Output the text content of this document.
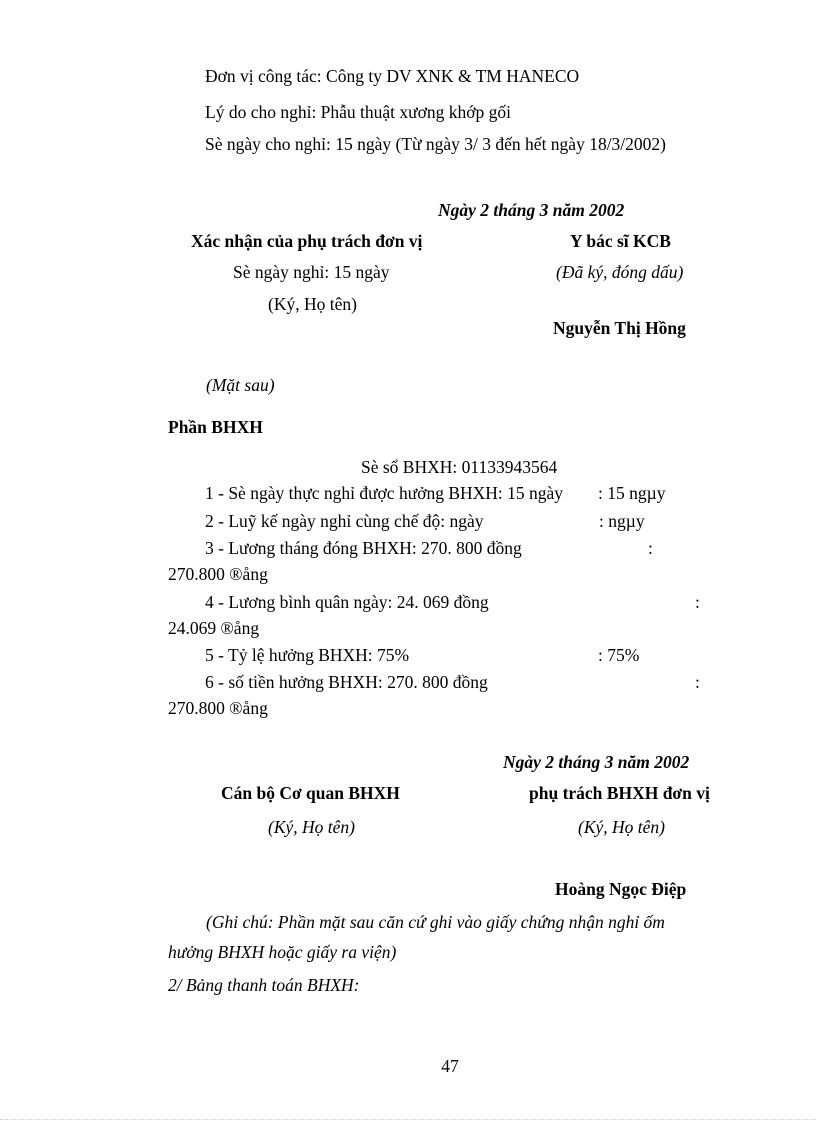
Đơn vị công tác: Công ty DV XNK & TM HANECO
Lý do cho nghỉ: Phẫu thuật xương khớp gối
Sè ngày cho nghỉ: 15 ngày (Từ ngày 3/ 3 đến hết ngày 18/3/2002)
Ngày 2 tháng 3 năm 2002
Xác nhận của phụ trách đơn vị	Y bác sĩ KCB
Sè ngày nghỉ: 15 ngày	(Đã ký, đóng dấu)
(Ký, Họ tên)
Nguyễn Thị Hồng
(Mặt sau)
Phần BHXH
Sè sổ BHXH: 01133943564
1 - Sè ngày thực nghỉ được hưởng BHXH: 15 ngày : 15 ngµy
2 - Luỹ kế ngày nghỉ cùng chế độ: ngày	: ngµy
3 - Lương tháng đóng BHXH: 270. 800 đồng	:
270.800 ®ång
4 - Lương bình quân ngày: 24. 069 đồng	:
24.069 ®ång
5 - Tỷ lệ hưởng BHXH: 75%	: 75%
6 - số tiền hưởng BHXH: 270. 800 đồng	:
270.800 ®ång
Ngày 2 tháng 3 năm 2002
Cán bộ Cơ quan BHXH	phụ trách BHXH đơn vị
(Ký, Họ tên)	(Ký, Họ tên)
Hoàng Ngọc Điệp
(Ghi chú: Phần mặt sau căn cứ ghi vào giấy chứng nhận nghỉ ốm
hưởng BHXH hoặc giấy ra viện)
2/ Bảng thanh toán BHXH:
47
